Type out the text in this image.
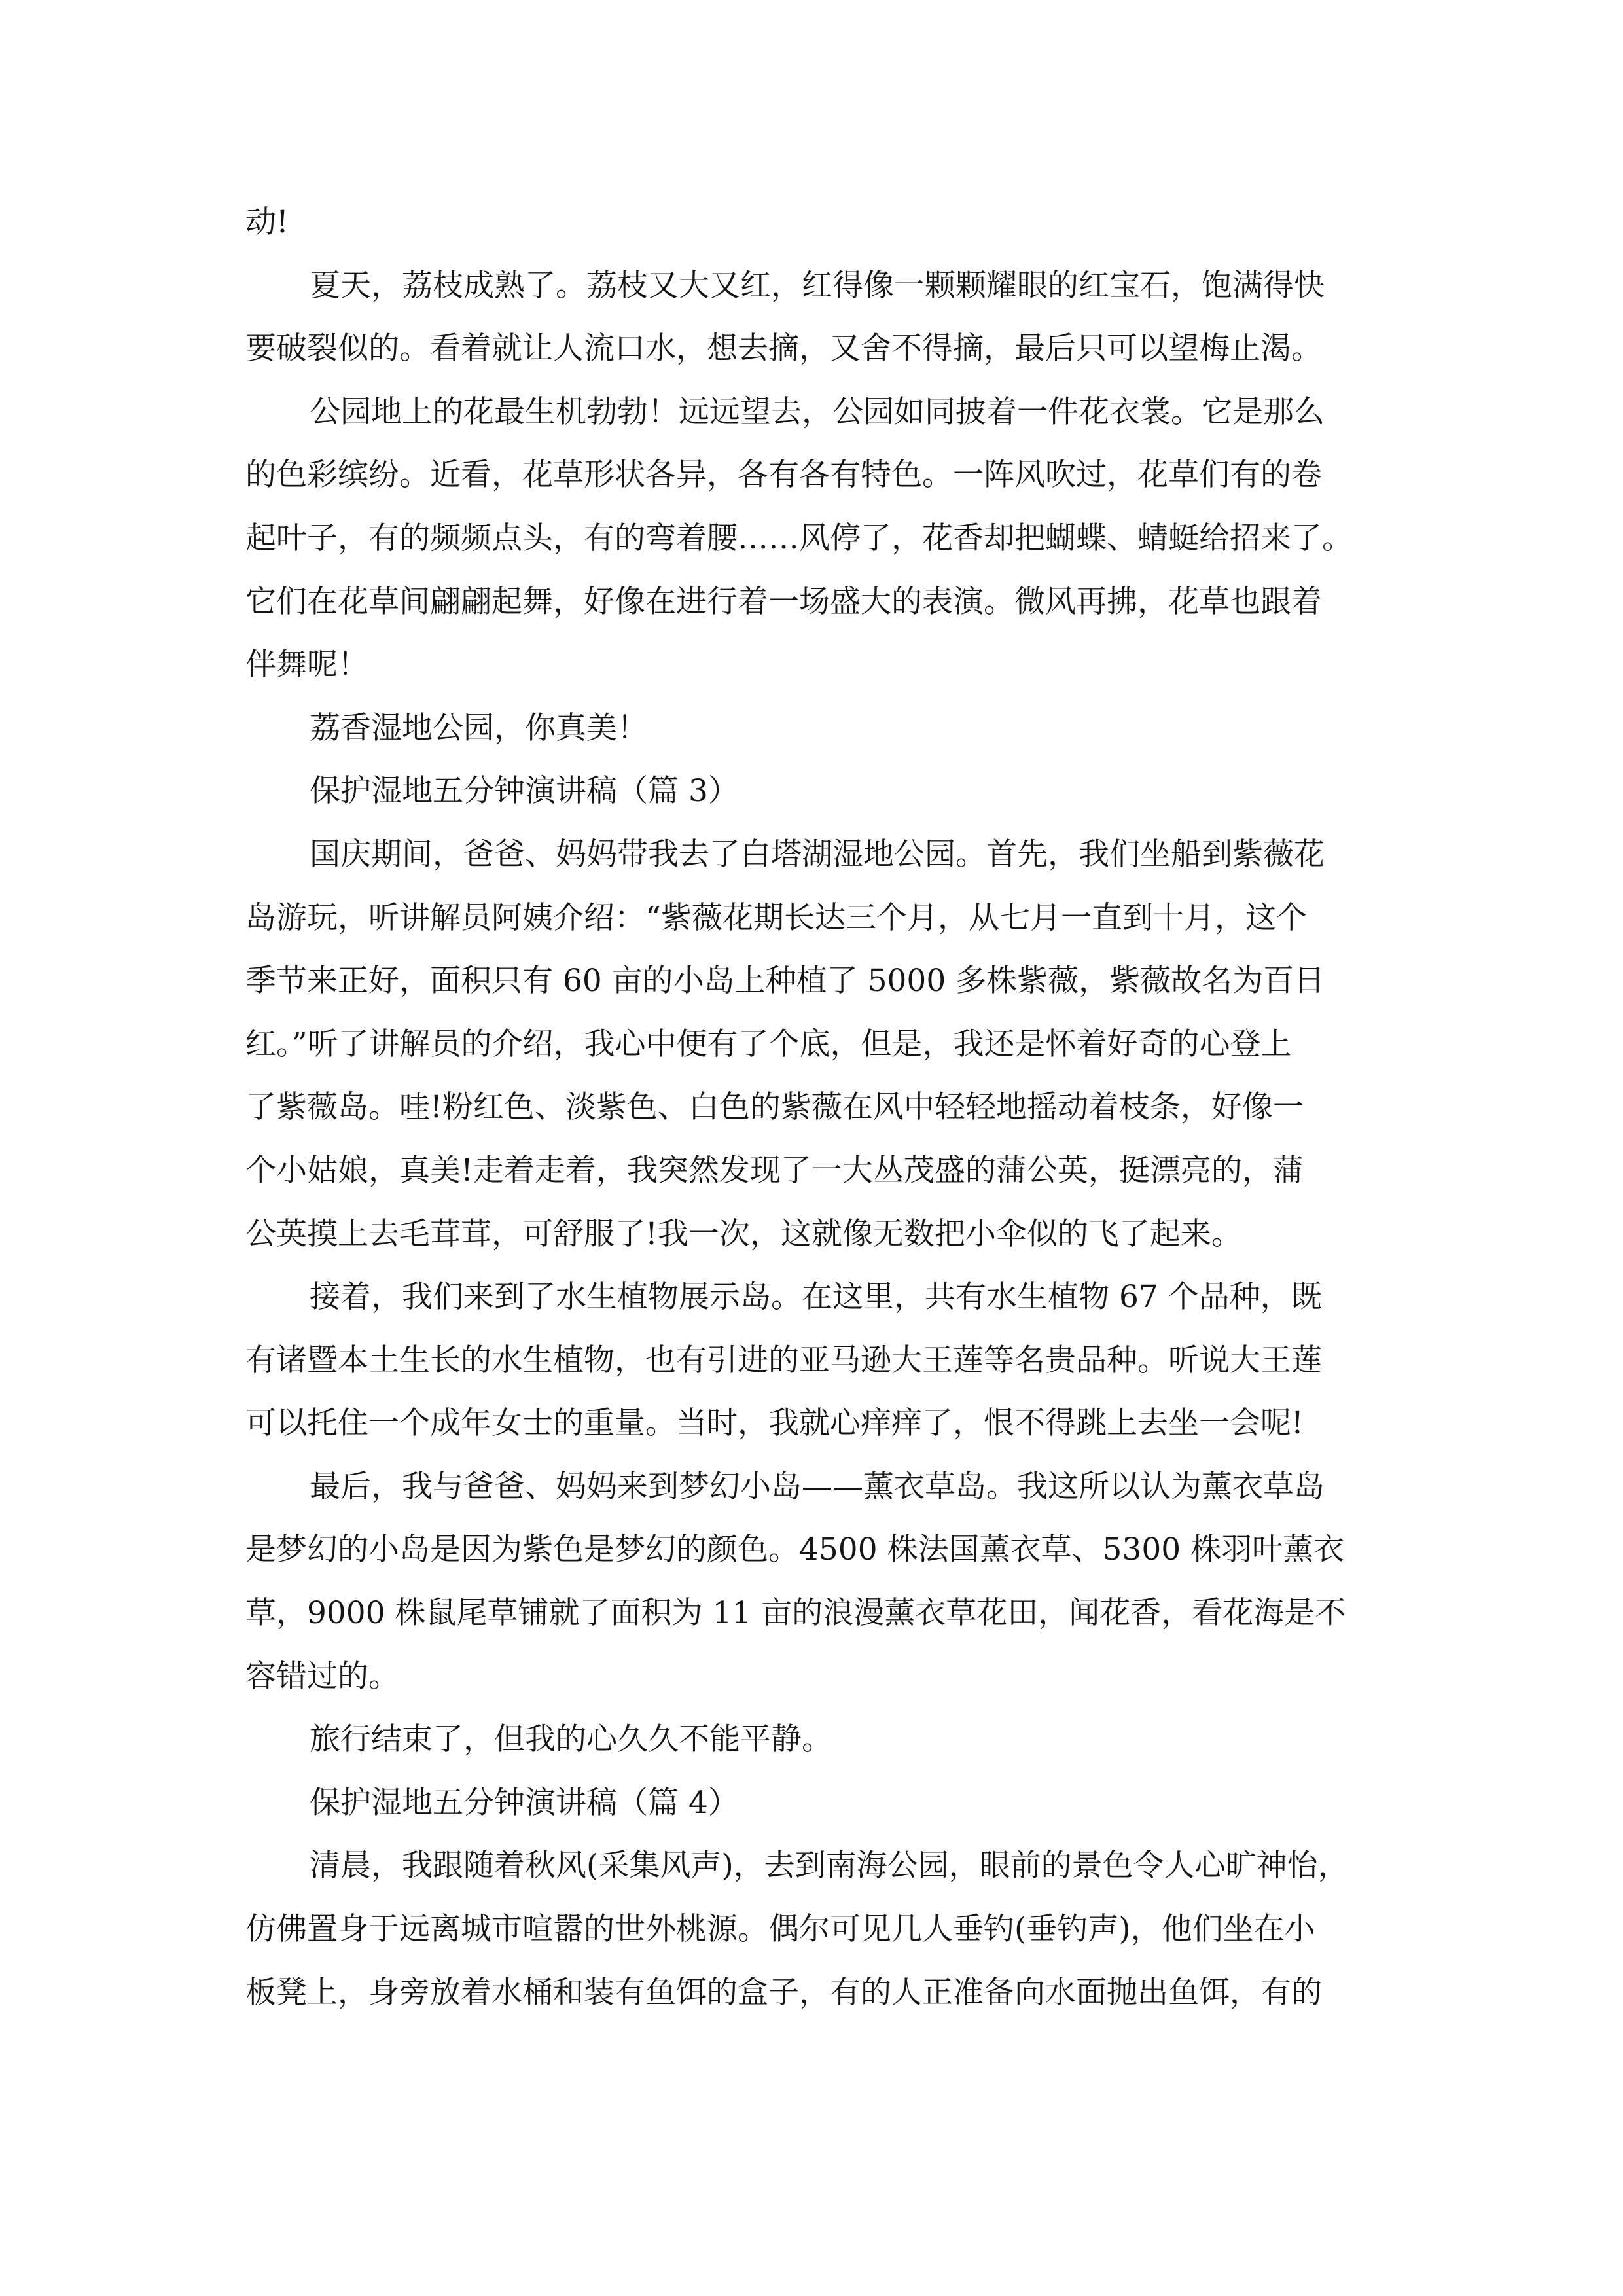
动!
夏天，荔枝成熟了。荔枝又大又红，红得像一颗颗耀眼的红宝石，饱满得快
要破裂似的。看着就让人流口水，想去摘，又舍不得摘，最后只可以望梅止渴。
公园地上的花最生机勃勃！远远望去，公园如同披着一件花衣裳。它是那么
的色彩缤纷。近看，花草形状各异，各有各有特色。一阵风吹过，花草们有的卷
起叶子，有的频频点头，有的弯着腰……风停了，花香却把蝴蝶、蜻蜓给招来了。
它们在花草间翩翩起舞，好像在进行着一场盛大的表演。微风再拂，花草也跟着
伴舞呢！
荔香湿地公园，你真美！
保护湿地五分钟演讲稿（篇 3）
国庆期间，爸爸、妈妈带我去了白塔湖湿地公园。首先，我们坐船到紫薇花
岛游玩，听讲解员阿姨介绍：“紫薇花期长达三个月，从七月一直到十月，这个
季节来正好，面积只有 60 亩的小岛上种植了 5000 多株紫薇，紫薇故名为百日
红。”听了讲解员的介绍，我心中便有了个底，但是，我还是怀着好奇的心登上
了紫薇岛。哇!粉红色、淡紫色、白色的紫薇在风中轻轻地摇动着枝条，好像一
个小姑娘，真美!走着走着，我突然发现了一大丛茂盛的蒲公英，挺漂亮的，蒲
公英摸上去毛茸茸，可舒服了!我一次，这就像无数把小伞似的飞了起来。
接着，我们来到了水生植物展示岛。在这里，共有水生植物 67 个品种，既
有诸暨本土生长的水生植物，也有引进的亚马逊大王莲等名贵品种。听说大王莲
可以托住一个成年女士的重量。当时，我就心痒痒了，恨不得跳上去坐一会呢!
最后，我与爸爸、妈妈来到梦幻小岛——薰衣草岛。我这所以认为薰衣草岛
是梦幻的小岛是因为紫色是梦幻的颜色。4500 株法国薰衣草、5300 株羽叶薰衣
草，9000 株鼠尾草铺就了面积为 11 亩的浪漫薰衣草花田，闻花香，看花海是不
容错过的。
旅行结束了，但我的心久久不能平静。
保护湿地五分钟演讲稿（篇 4）
清晨，我跟随着秋风(采集风声)，去到南海公园，眼前的景色令人心旷神怡，
仿佛置身于远离城市喧嚣的世外桃源。偶尔可见几人垂钓(垂钓声)，他们坐在小
板凳上，身旁放着水桶和装有鱼饵的盒子，有的人正准备向水面抛出鱼饵，有的
